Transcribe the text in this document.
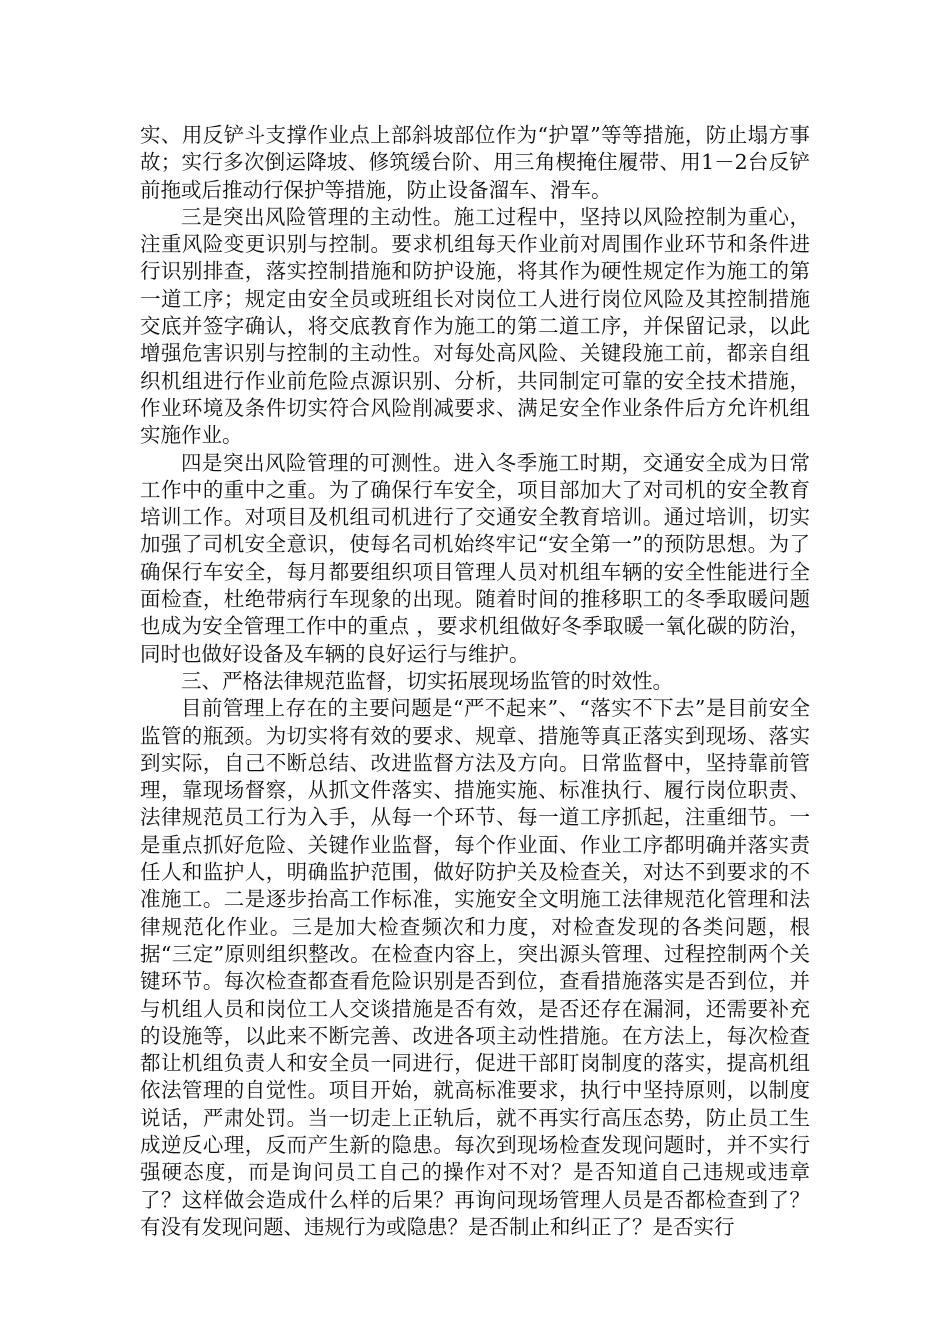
实、用反铲斗支撑作业点上部斜坡部位作为“护罩”等等措施，防止塌方事故；实行多次倒运降坡、修筑缓台阶、用三角楔掩住履带、用1－2台反铲前拖或后推动行保护等措施，防止设备溜车、滑车。

三是突出风险管理的主动性。施工过程中，坚持以风险控制为重心，注重风险变更识别与控制。要求机组每天作业前对周围作业环节和条件进行识别排查，落实控制措施和防护设施，将其作为硬性规定作为施工的第一道工序；规定由安全员或班组长对岗位工人进行岗位风险及其控制措施交底并签字确认，将交底教育作为施工的第二道工序，并保留记录，以此增强危害识别与控制的主动性。对每处高风险、关键段施工前，都亲自组织机组进行作业前危险点源识别、分析，共同制定可靠的安全技术措施，作业环境及条件切实符合风险削减要求、满足安全作业条件后方允许机组实施作业。

四是突出风险管理的可测性。进入冬季施工时期，交通安全成为日常工作中的重中之重。为了确保行车安全，项目部加大了对司机的安全教育培训工作。对项目及机组司机进行了交通安全教育培训。通过培训，切实加强了司机安全意识，使每名司机始终牢记“安全第一”的预防思想。为了确保行车安全，每月都要组织项目管理人员对机组车辆的安全性能进行全面检查，杜绝带病行车现象的出现。随着时间的推移职工的冬季取暖问题也成为安全管理工作中的重点 ，要求机组做好冬季取暖一氧化碳的防治，同时也做好设备及车辆的良好运行与维护。

三、严格法律规范监督，切实拓展现场监管的时效性。

目前管理上存在的主要问题是“严不起来”、“落实不下去”是目前安全监管的瓶颈。为切实将有效的要求、规章、措施等真正落实到现场、落实到实际，自己不断总结、改进监督方法及方向。日常监督中，坚持靠前管理，靠现场督察，从抓文件落实、措施实施、标准执行、履行岗位职责、法律规范员工行为入手，从每一个环节、每一道工序抓起，注重细节。一是重点抓好危险、关键作业监督，每个作业面、作业工序都明确并落实责任人和监护人，明确监护范围，做好防护关及检查关，对达不到要求的不准施工。二是逐步抬高工作标准，实施安全文明施工法律规范化管理和法律规范化作业。三是加大检查频次和力度，对检查发现的各类问题，根据“三定”原则组织整改。在检查内容上，突出源头管理、过程控制两个关键环节。每次检查都查看危险识别是否到位，查看措施落实是否到位，并与机组人员和岗位工人交谈措施是否有效，是否还存在漏洞，还需要补充的设施等，以此来不断完善、改进各项主动性措施。在方法上，每次检查都让机组负责人和安全员一同进行，促进干部盯岗制度的落实，提高机组依法管理的自觉性。项目开始，就高标准要求，执行中坚持原则，以制度说话，严肃处罚。当一切走上正轨后，就不再实行高压态势，防止员工生成逆反心理，反而产生新的隐患。每次到现场检查发现问题时，并不实行强硬态度，而是询问员工自己的操作对不对？是否知道自己违规或违章了？这样做会造成什么样的后果？再询问现场管理人员是否都检查到了？有没有发现问题、违规行为或隐患？是否制止和纠正了？是否实行
